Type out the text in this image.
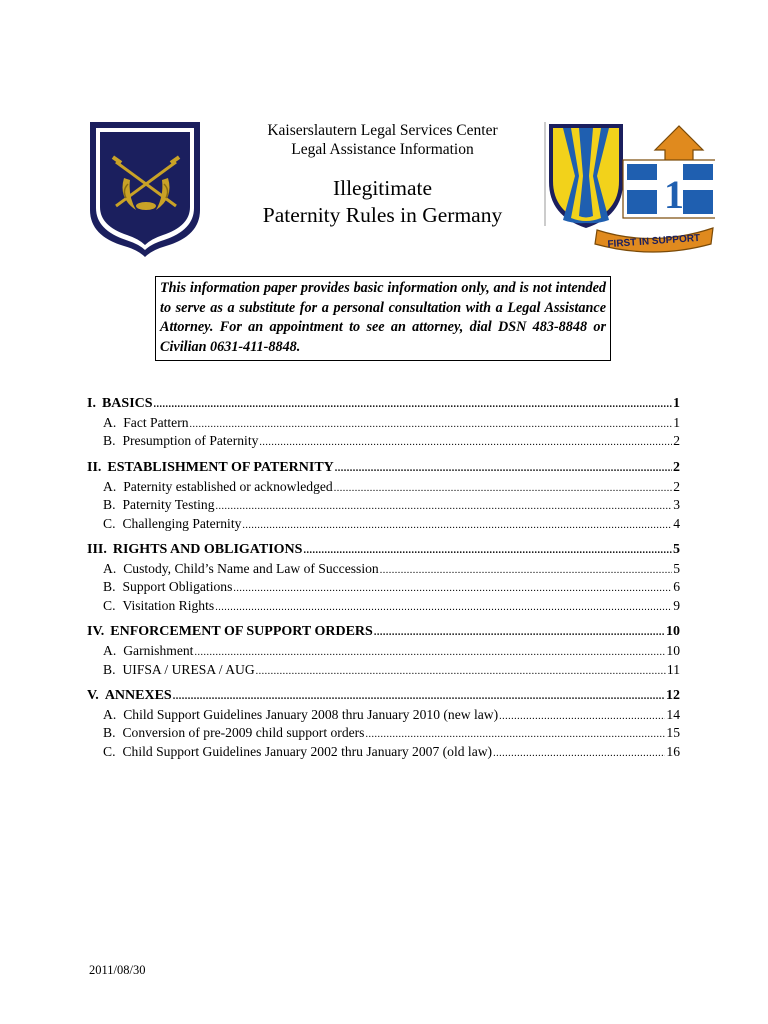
Kaiserslautern Legal Services Center
Legal Assistance Information
Illegitimate
Paternity Rules in Germany	1
FIRST IN SUPPORT
This information paper provides basic information only, and is not intended to serve as a substitute for a personal consultation with a Legal Assistance Attorney. For an appointment to see an attorney, dial DSN 483-8848 or Civilian 0631-411-8848.
I. BASICS .....	1
A. Fact Pattern .....	1
B. Presumption of Paternity .....	2
II. ESTABLISHMENT OF PATERNITY .....	2
A. Paternity established or acknowledged .....	2
B. Paternity Testing .....	3
C. Challenging Paternity .....	4
III. RIGHTS AND OBLIGATIONS .....	5
A. Custody, Child’s Name and Law of Succession .....	5
B. Support Obligations .....	6
C. Visitation Rights .....	9
IV. ENFORCEMENT OF SUPPORT ORDERS .....	10
A. Garnishment .....	10
B. UIFSA / URESA / AUG .....	11
V. ANNEXES .....	12
A. Child Support Guidelines January 2008 thru January 2010 (new law) .....	14
B. Conversion of pre-2009 child support orders .....	15
C. Child Support Guidelines January 2002 thru January 2007 (old law) .....	16
2011/08/30
